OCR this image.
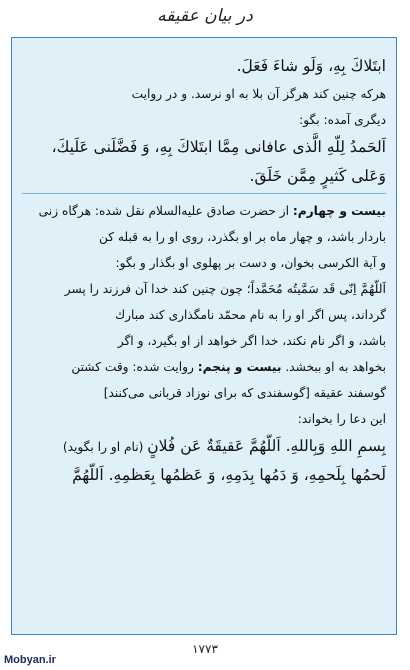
در بيان عقيقه

ابتَلاكَ بِهِ، وَلَو شاءَ فَعَلَ.

هركه چنين كند هرگز آن بلا به او نرسد. و در روايت

ديگرى آمده: بگو:

اَلحَمدُ لِلّهِ الَّذى عافانى مِمَّا ابتَلاكَ بِهِ، وَ فَضَّلَنى عَلَيكَ،

وَعَلى كَثيرٍ مِمَّن خَلَقَ.

بيست و چهارم: از حضرت صادق عليه‌السلام نقل شده: هرگاه زنى

باردار باشد، و چهار ماه بر او بگذرد، روى او را به قبله كن

و آية الكرسى بخوان، و دست بر پهلوى او بگذار و بگو:

اَللّهُمَّ اِنّى قَد سَمَّيتُه مُحَمَّداً؛ چون چنين كند خدا آن فرزند را پسر

گرداند، پس اگر او را به نام محمّد نامگذارى كند مبارك

باشد، و اگر نام نكند، خدا اگر خواهد از او بگيرد، و اگر

بخواهد به او ببخشد. بيست و پنجم: روايت شده: وقت كشتن

گوسفند عقيقه [گوسفندى كه براى نوزاد قربانى مى‌كنند]

اين دعا را بخواند:

بِسمِ اللهِ وَبِاللهِ. اَللّهُمَّ عَقيقَةٌ عَن فُلانٍ (نام او را بگويد)

لَحمُها بِلَحمِهِ، وَ دَمُها بِدَمِهِ، وَ عَظمُها بِعَظمِهِ. اَللّهُمَّ

۱۷۷۳
Mobyan.ir
